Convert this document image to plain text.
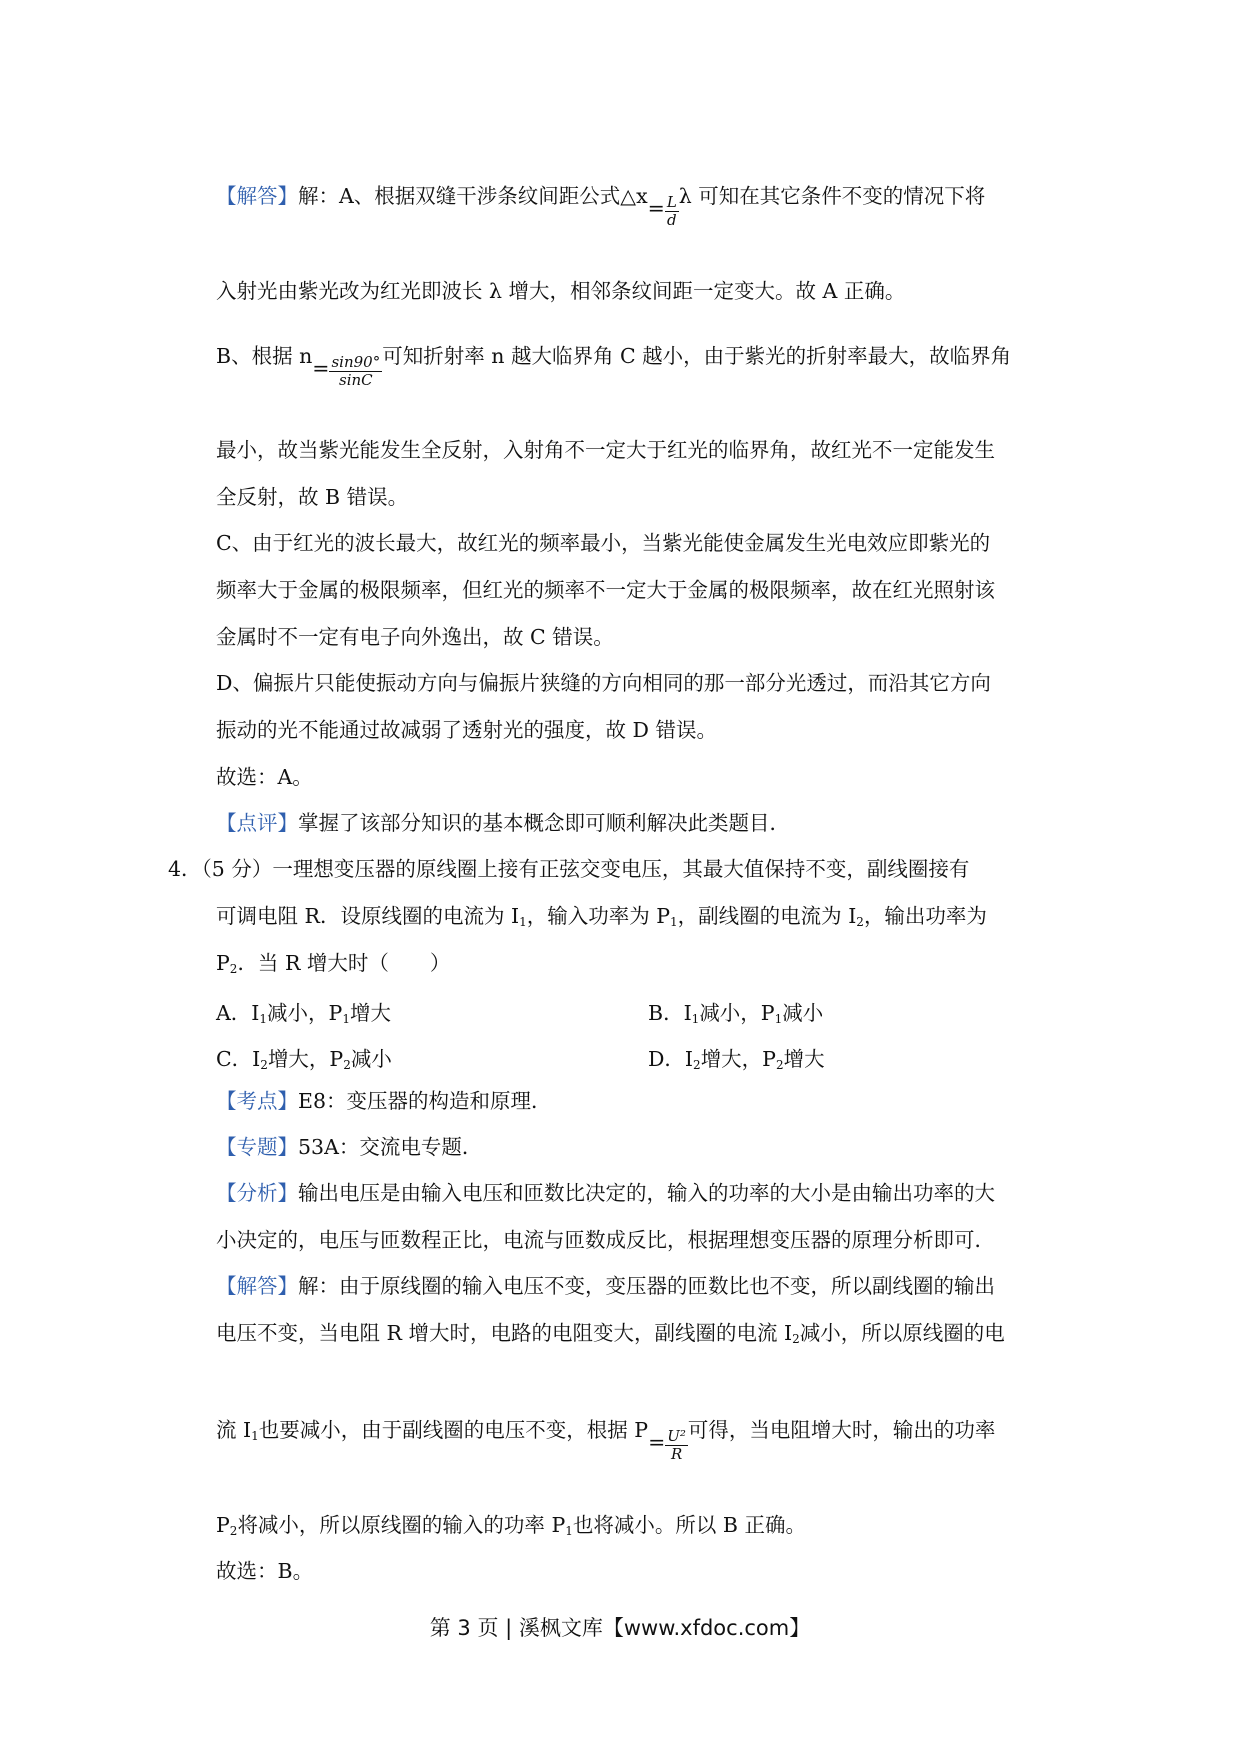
【解答】解：A、根据双缝干涉条纹间距公式△x= $\frac{L}{d}$ λ 可知在其它条件不变的情况下将
入射光由紫光改为红光即波长 λ 增大，相邻条纹间距一定变大。故 A 正确。
B、根据 $n= \frac{\sin 90^\circ}{\sin C}$ 可知折射率 n 越大临界角 C 越小，由于紫光的折射率最大，故临界角
最小，故当紫光能发生全反射，入射角不一定大于红光的临界角，故红光不一定能发生
全反射，故 B 错误。
C、由于红光的波长最大，故红光的频率最小，当紫光能使金属发生光电效应即紫光的
频率大于金属的极限频率，但红光的频率不一定大于金属的极限频率，故在红光照射该
金属时不一定有电子向外逸出，故 C 错误。
D、偏振片只能使振动方向与偏振片狭缝的方向相同的那一部分光透过，而沿其它方向
振动的光不能通过故减弱了透射光的强度，故 D 错误。
故选：A。
【点评】掌握了该部分知识的基本概念即可顺利解决此类题目．
4．（5 分）一理想变压器的原线圈上接有正弦交变电压，其最大值保持不变，副线圈接有
可调电阻 R．设原线圈的电流为 $I_1$，输入功率为 $P_1$，副线圈的电流为 $I_2$，输出功率为
$P_2$．当 R 增大时（　　）
A．$I_1$减小，$P_1$增大	B．$I_1$减小，$P_1$减小
C．$I_2$增大，$P_2$减小	D．$I_2$增大，$P_2$增大
【考点】E8：变压器的构造和原理．
【专题】53A：交流电专题．
【分析】输出电压是由输入电压和匝数比决定的，输入的功率的大小是由输出功率的大
小决定的，电压与匝数程正比，电流与匝数成反比，根据理想变压器的原理分析即可．
【解答】解：由于原线圈的输入电压不变，变压器的匝数比也不变，所以副线圈的输出
电压不变，当电阻 R 增大时，电路的电阻变大，副线圈的电流 $I_2$减小，所以原线圈的电
流 $I_1$也要减小，由于副线圈的电压不变，根据 $P= \frac{\text{U²}}{R}$ 可得，当电阻增大时，输出的功率
$P_2$将减小，所以原线圈的输入的功率 $P_1$也将减小。所以 B 正确。
故选：B。
第 3 页 | 溪枫文库【www.xfdoc.com】
